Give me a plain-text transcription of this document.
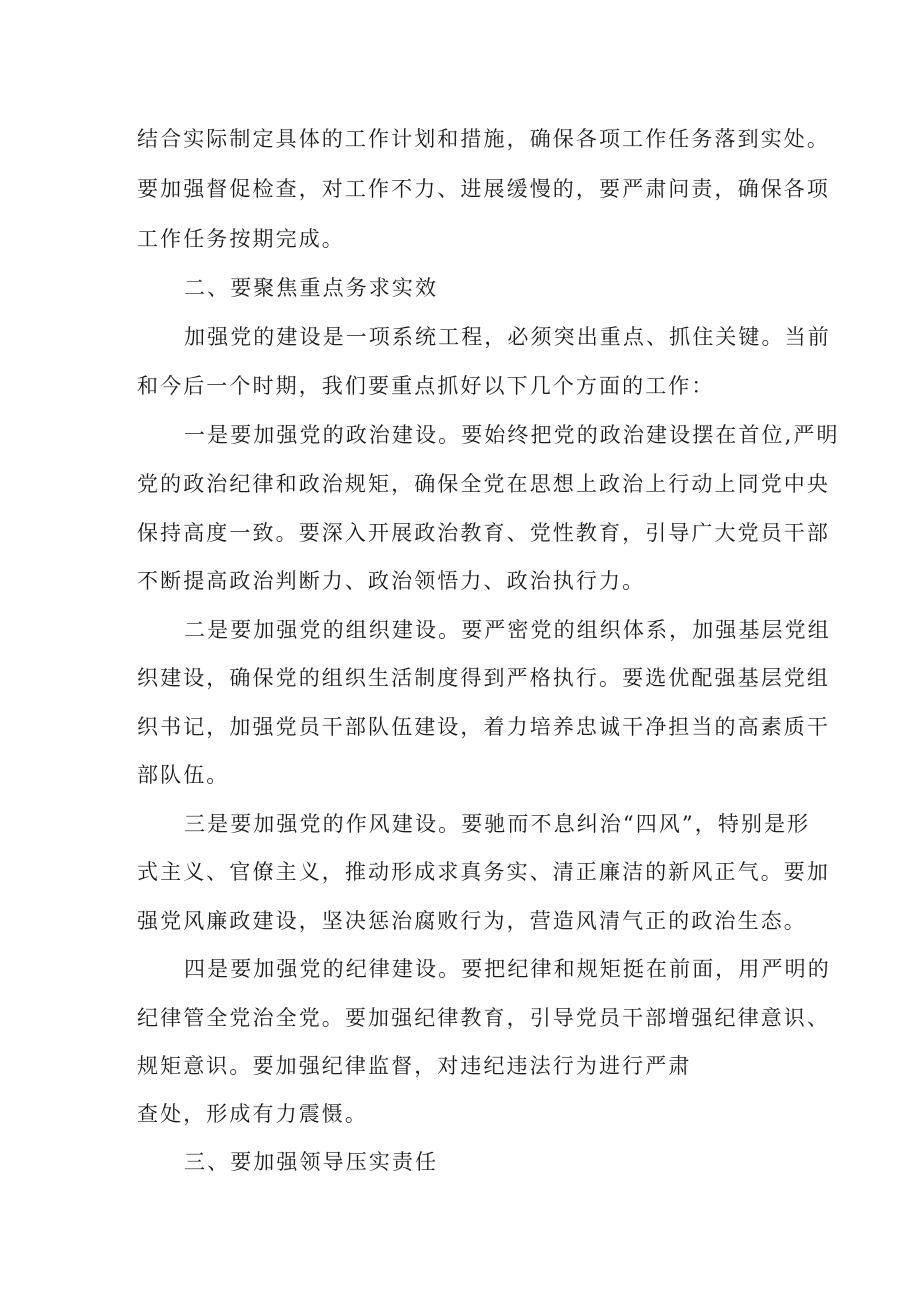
结合实际制定具体的工作计划和措施，确保各项工作任务落到实处。
要加强督促检查，对工作不力、进展缓慢的，要严肃问责，确保各项
工作任务按期完成。
二、要聚焦重点务求实效
加强党的建设是一项系统工程，必须突出重点、抓住关键。当前
和今后一个时期，我们要重点抓好以下几个方面的工作：
一是要加强党的政治建设。要始终把党的政治建设摆在首位,严明
党的政治纪律和政治规矩，确保全党在思想上政治上行动上同党中央
保持高度一致。要深入开展政治教育、党性教育，引导广大党员干部
不断提高政治判断力、政治领悟力、政治执行力。
二是要加强党的组织建设。要严密党的组织体系，加强基层党组
织建设，确保党的组织生活制度得到严格执行。要选优配强基层党组
织书记，加强党员干部队伍建设，着力培养忠诚干净担当的高素质干
部队伍。
三是要加强党的作风建设。要驰而不息纠治“四风”，特别是形
式主义、官僚主义，推动形成求真务实、清正廉洁的新风正气。要加
强党风廉政建设，坚决惩治腐败行为，营造风清气正的政治生态。
四是要加强党的纪律建设。要把纪律和规矩挺在前面，用严明的
纪律管全党治全党。要加强纪律教育，引导党员干部增强纪律意识、
规矩意识。要加强纪律监督，对违纪违法行为进行严肃
查处，形成有力震慑。
三、要加强领导压实责任
